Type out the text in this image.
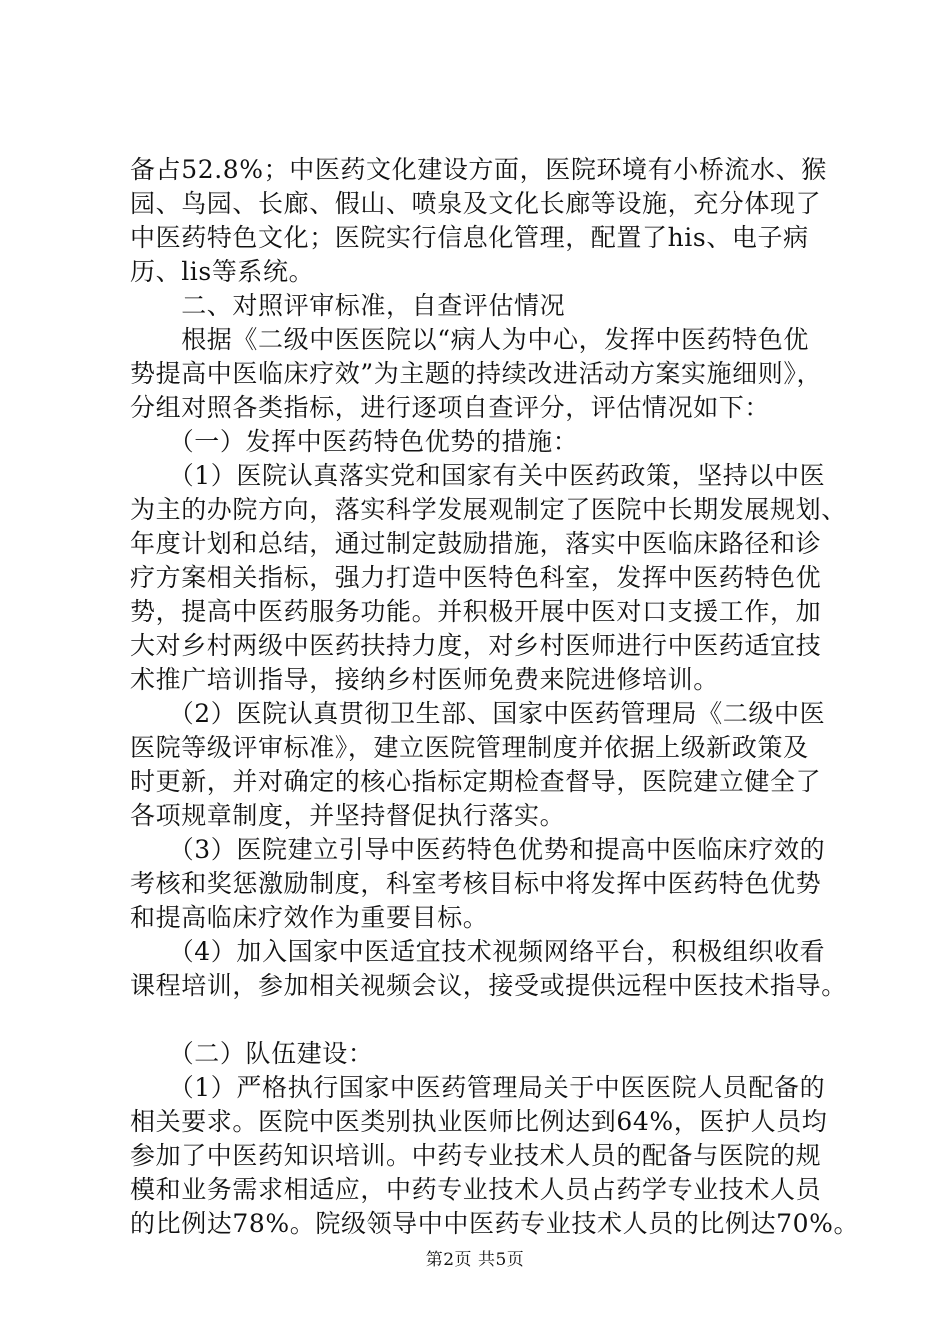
备占52.8%；中医药文化建设方面，医院环境有小桥流水、猴
园、鸟园、长廊、假山、喷泉及文化长廊等设施，充分体现了
中医药特色文化；医院实行信息化管理，配置了his、电子病
历、lis等系统。
　　二、对照评审标准，自查评估情况
　　根据《二级中医医院以“病人为中心，发挥中医药特色优
势提高中医临床疗效”为主题的持续改进活动方案实施细则》，
分组对照各类指标，进行逐项自查评分，评估情况如下：
　　（一）发挥中医药特色优势的措施：
　　（1）医院认真落实党和国家有关中医药政策，坚持以中医
为主的办院方向，落实科学发展观制定了医院中长期发展规划、
年度计划和总结，通过制定鼓励措施，落实中医临床路径和诊
疗方案相关指标，强力打造中医特色科室，发挥中医药特色优
势，提高中医药服务功能。并积极开展中医对口支援工作，加
大对乡村两级中医药扶持力度，对乡村医师进行中医药适宜技
术推广培训指导，接纳乡村医师免费来院进修培训。
　　（2）医院认真贯彻卫生部、国家中医药管理局《二级中医
医院等级评审标准》，建立医院管理制度并依据上级新政策及
时更新，并对确定的核心指标定期检查督导，医院建立健全了
各项规章制度，并坚持督促执行落实。
　　（3）医院建立引导中医药特色优势和提高中医临床疗效的
考核和奖惩激励制度，科室考核目标中将发挥中医药特色优势
和提高临床疗效作为重要目标。
　　（4）加入国家中医适宜技术视频网络平台，积极组织收看
课程培训，参加相关视频会议，接受或提供远程中医技术指导。
　　（二）队伍建设：
　　（1）严格执行国家中医药管理局关于中医医院人员配备的
相关要求。医院中医类别执业医师比例达到64%，医护人员均
参加了中医药知识培训。中药专业技术人员的配备与医院的规
模和业务需求相适应，中药专业技术人员占药学专业技术人员
的比例达78%。院级领导中中医药专业技术人员的比例达70%。
第2页 共5页
